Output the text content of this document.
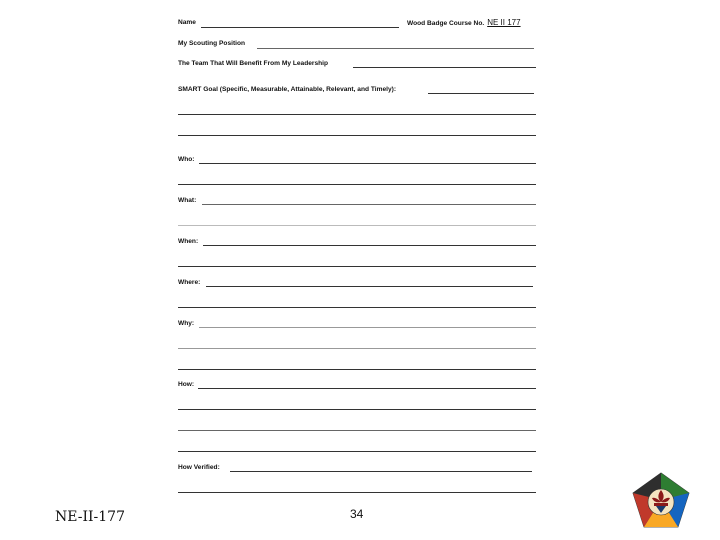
Name	Wood Badge Course No. NE II 177
My Scouting Position
The Team That Will Benefit From My Leadership
SMART Goal (Specific, Measurable, Attainable, Relevant, and Timely):
Who:
What:
When:
Where:
Why:
How:
How Verified:
NE-II-177	34
